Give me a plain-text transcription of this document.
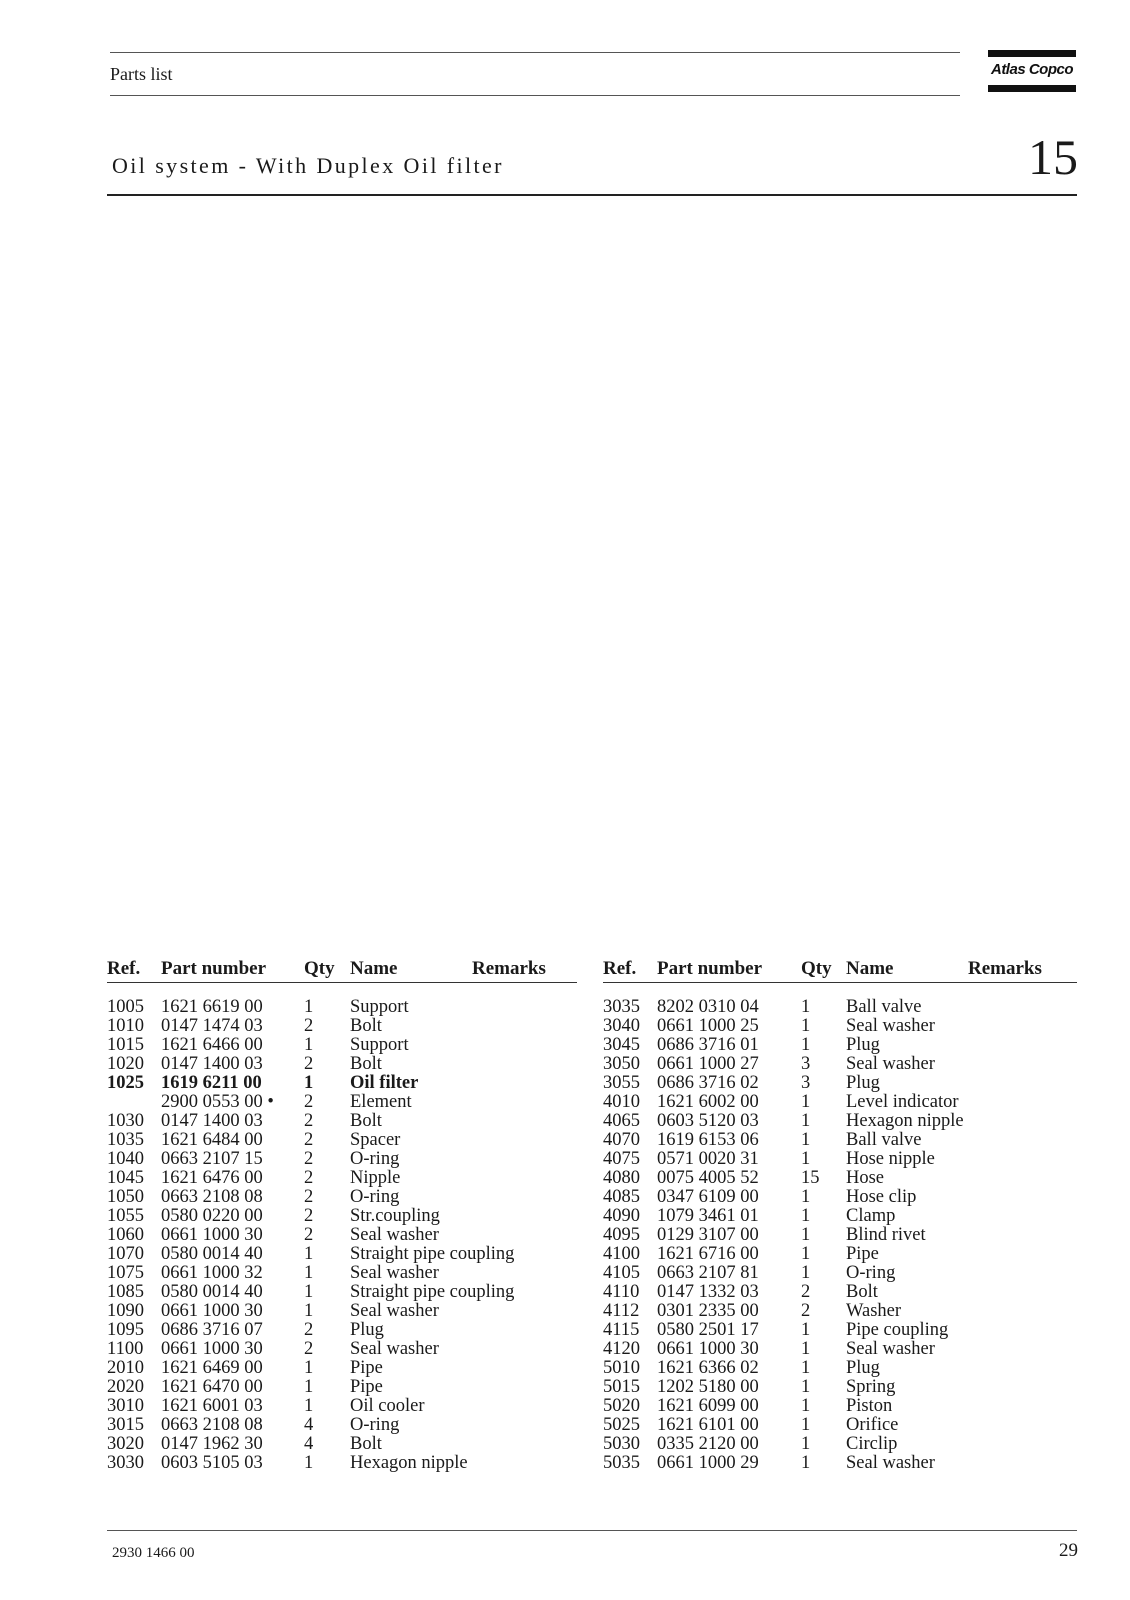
Parts list	Atlas Copco
Oil system - With Duplex Oil filter	15
Ref. Part number Qty Name	Remarks
1005 1621 6619 00 1 Support
1010 0147 1474 03 2 Bolt
1015 1621 6466 00 1 Support
1020 0147 1400 03 2 Bolt
1025 1619 6211 00 1 Oil filter
2900 0553 00 • 2 Element
1030 0147 1400 03 2 Bolt
1035 1621 6484 00 2 Spacer
1040 0663 2107 15 2 O-ring
1045 1621 6476 00 2 Nipple
1050 0663 2108 08 2 O-ring
1055 0580 0220 00 2 Str.coupling
1060 0661 1000 30 2 Seal washer
1070 0580 0014 40 1 Straight pipe coupling
1075 0661 1000 32 1 Seal washer
1085 0580 0014 40 1 Straight pipe coupling
1090 0661 1000 30 1 Seal washer
1095 0686 3716 07 2 Plug
1100 0661 1000 30 2 Seal washer
2010 1621 6469 00 1 Pipe
2020 1621 6470 00 1 Pipe
3010 1621 6001 03 1 Oil cooler
3015 0663 2108 08 4 O-ring
3020 0147 1962 30 4 Bolt
3030 0603 5105 03 1 Hexagon nipple
Ref. Part number Qty Name	Remarks
3035 8202 0310 04 1 Ball valve
3040 0661 1000 25 1 Seal washer
3045 0686 3716 01 1 Plug
3050 0661 1000 27 3 Seal washer
3055 0686 3716 02 3 Plug
4010 1621 6002 00 1 Level indicator
4065 0603 5120 03 1 Hexagon nipple
4070 1619 6153 06 1 Ball valve
4075 0571 0020 31 1 Hose nipple
4080 0075 4005 52 15 Hose
4085 0347 6109 00 1 Hose clip
4090 1079 3461 01 1 Clamp
4095 0129 3107 00 1 Blind rivet
4100 1621 6716 00 1 Pipe
4105 0663 2107 81 1 O-ring
4110 0147 1332 03 2 Bolt
4112 0301 2335 00 2 Washer
4115 0580 2501 17 1 Pipe coupling
4120 0661 1000 30 1 Seal washer
5010 1621 6366 02 1 Plug
5015 1202 5180 00 1 Spring
5020 1621 6099 00 1 Piston
5025 1621 6101 00 1 Orifice
5030 0335 2120 00 1 Circlip
5035 0661 1000 29 1 Seal washer
2930 1466 00	29
